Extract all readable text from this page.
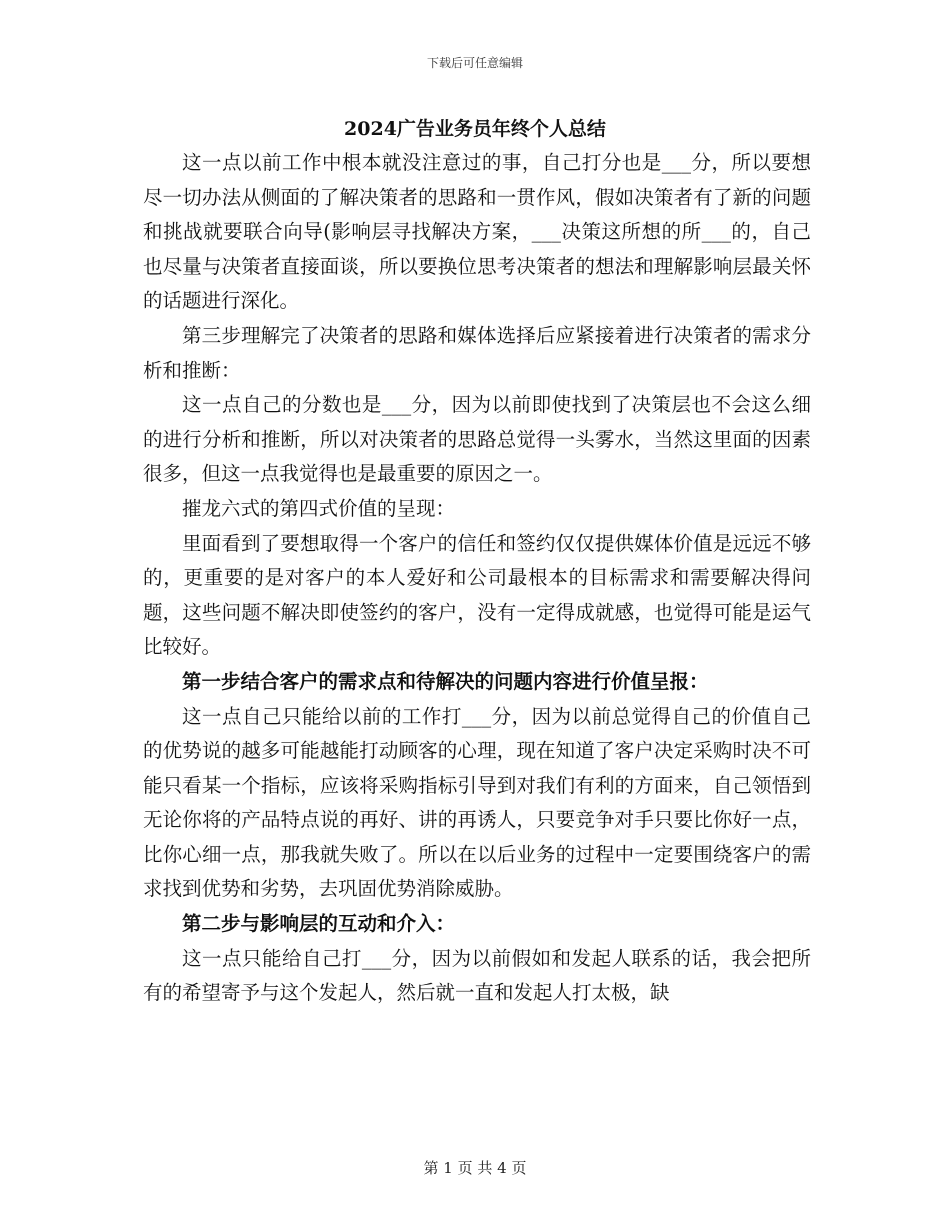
下载后可任意编辑
2024广告业务员年终个人总结

这一点以前工作中根本就没注意过的事，自己打分也是___分，所以要想尽一切办法从侧面的了解决策者的思路和一贯作风，假如决策者有了新的问题和挑战就要联合向导(影响层寻找解决方案，___决策这所想的所___的，自己也尽量与决策者直接面谈，所以要换位思考决策者的想法和理解影响层最关怀的话题进行深化。

第三步理解完了决策者的思路和媒体选择后应紧接着进行决策者的需求分析和推断：

这一点自己的分数也是___分，因为以前即使找到了决策层也不会这么细的进行分析和推断，所以对决策者的思路总觉得一头雾水，当然这里面的因素很多，但这一点我觉得也是最重要的原因之一。

摧龙六式的第四式价值的呈现：

里面看到了要想取得一个客户的信任和签约仅仅提供媒体价值是远远不够的，更重要的是对客户的本人爱好和公司最根本的目标需求和需要解决得问题，这些问题不解决即使签约的客户，没有一定得成就感，也觉得可能是运气比较好。

第一步结合客户的需求点和待解决的问题内容进行价值呈报：

这一点自己只能给以前的工作打___分，因为以前总觉得自己的价值自己的优势说的越多可能越能打动顾客的心理，现在知道了客户决定采购时决不可能只看某一个指标，应该将采购指标引导到对我们有利的方面来，自己领悟到无论你将的产品特点说的再好、讲的再诱人，只要竞争对手只要比你好一点，比你心细一点，那我就失败了。所以在以后业务的过程中一定要围绕客户的需求找到优势和劣势，去巩固优势消除威胁。

第二步与影响层的互动和介入：

这一点只能给自己打___分，因为以前假如和发起人联系的话，我会把所有的希望寄予与这个发起人，然后就一直和发起人打太极，缺

第 1 页 共 4 页
